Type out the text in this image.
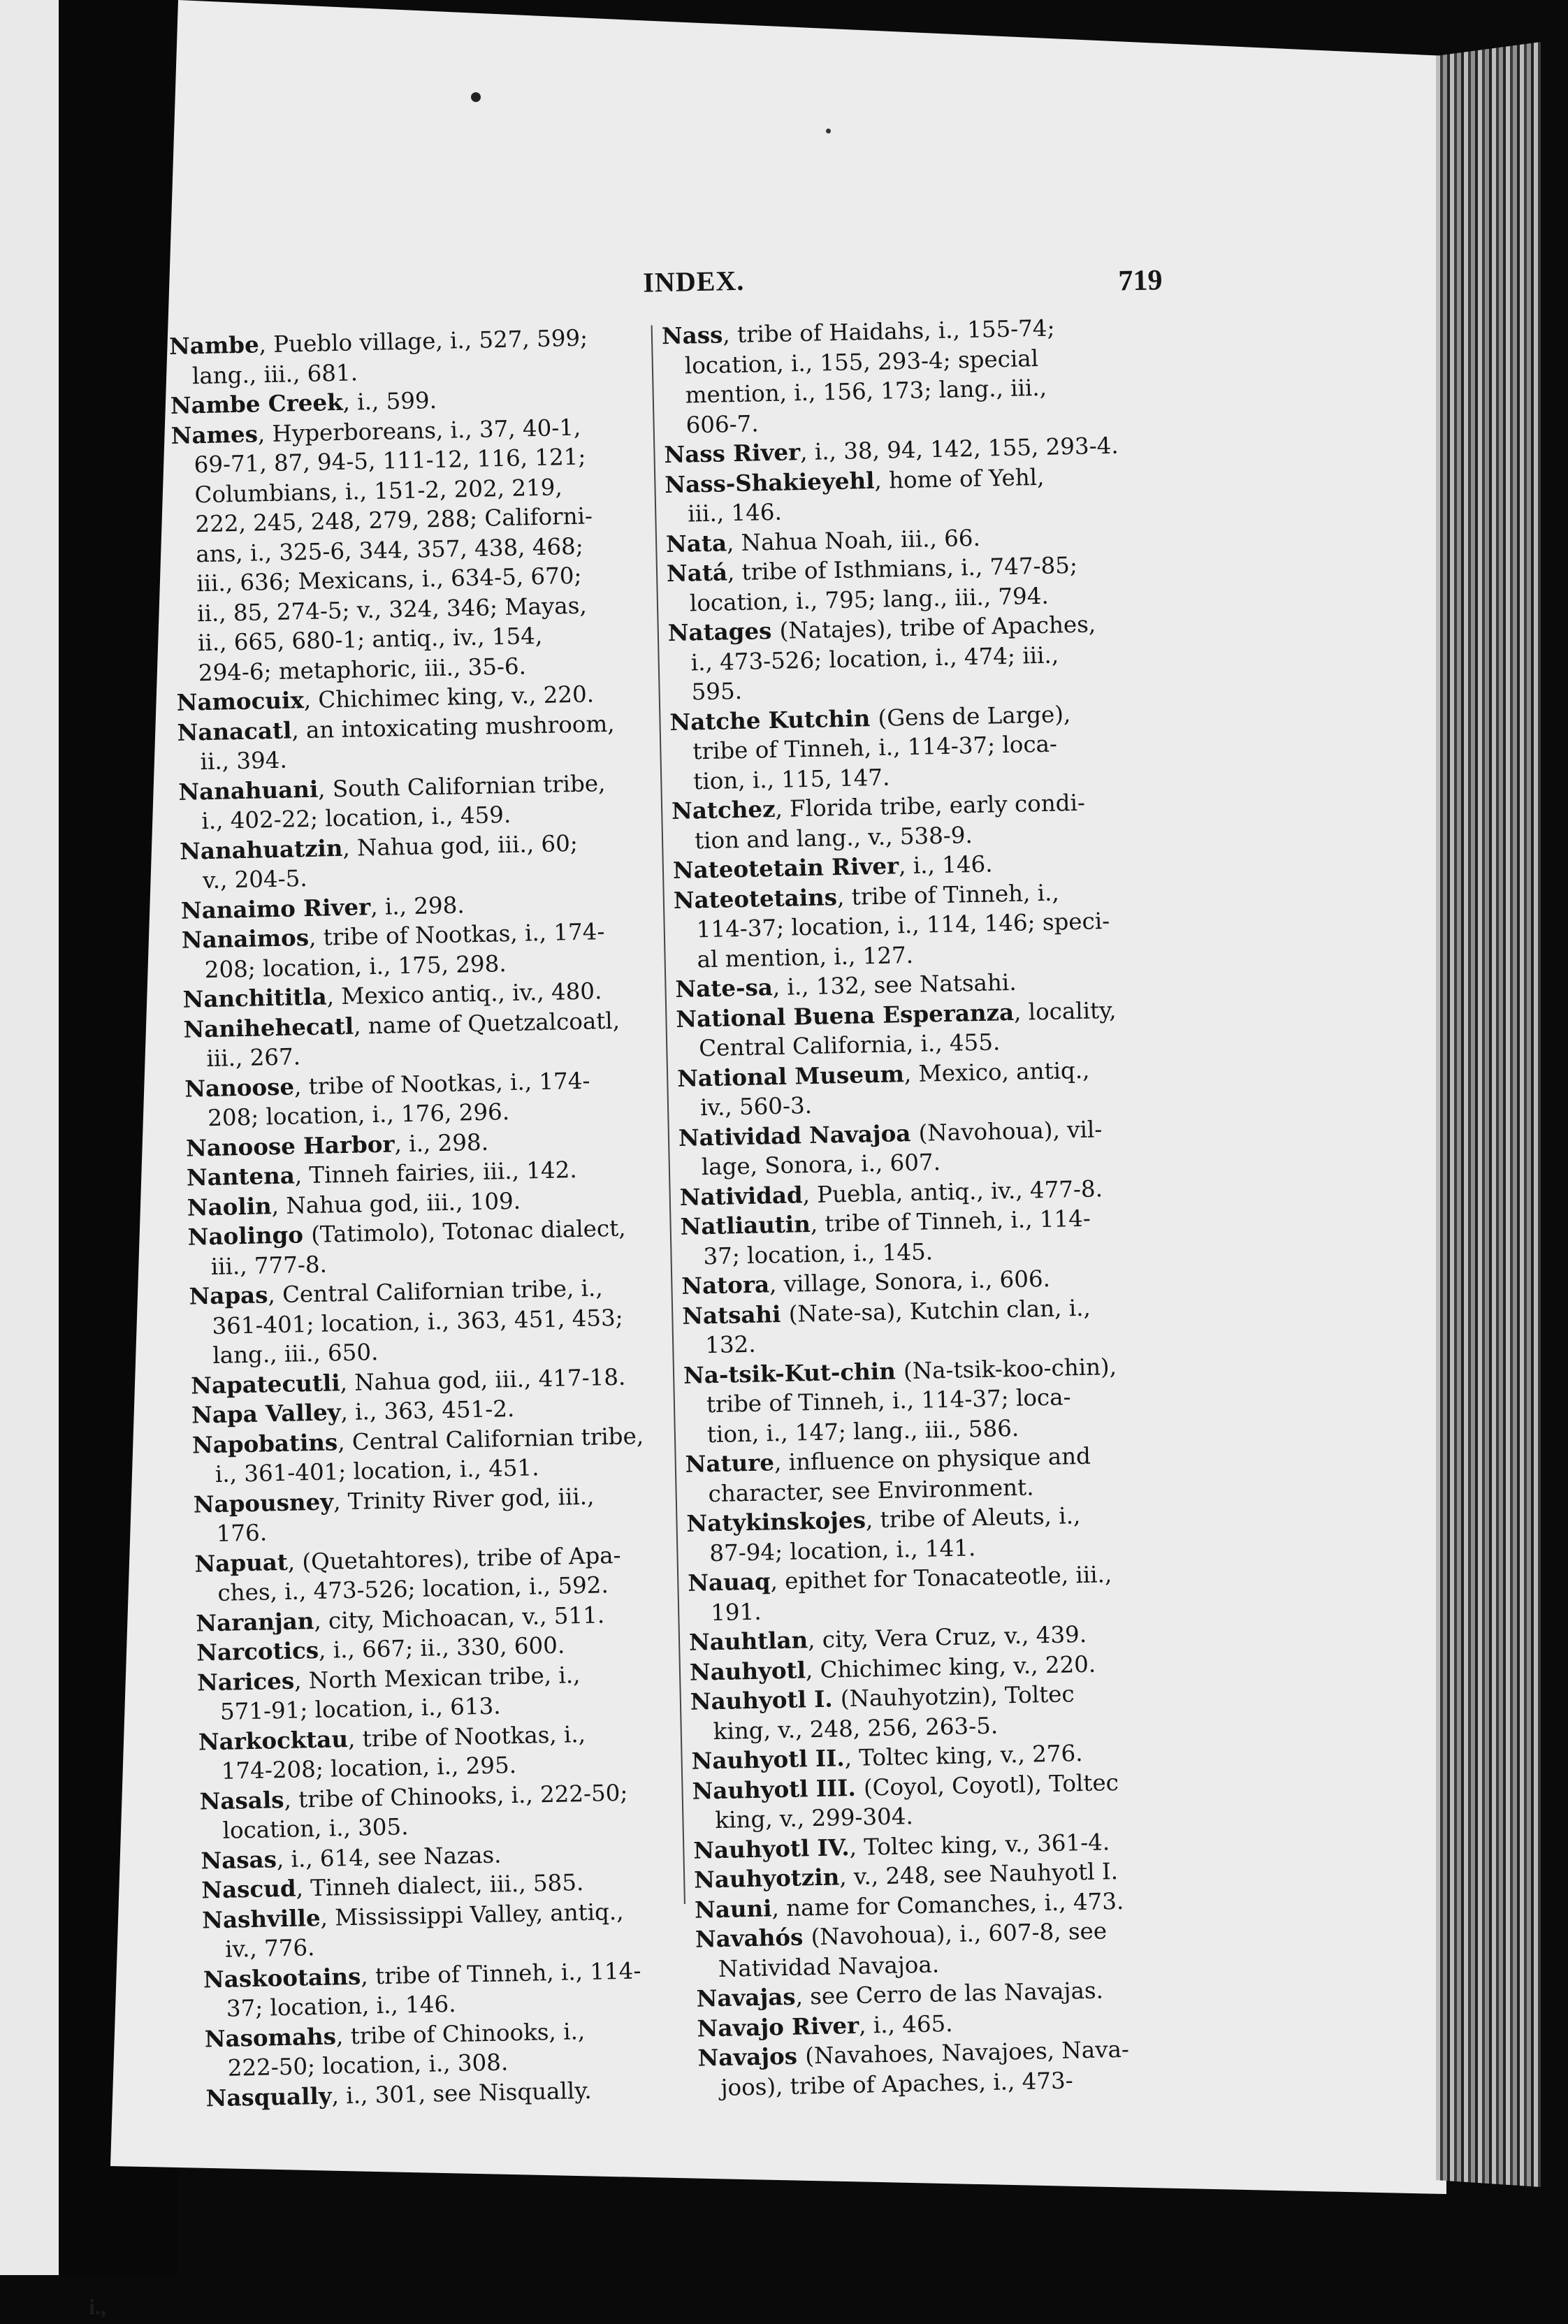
i.,
INDEX.	719
Nambe, Pueblo village, i., 527, 599;
lang., iii., 681.
Nambe Creek, i., 599.
Names, Hyperboreans, i., 37, 40-1,
69-71, 87, 94-5, 111-12, 116, 121;
Columbians, i., 151-2, 202, 219,
222, 245, 248, 279, 288; Californi-
ans, i., 325-6, 344, 357, 438, 468;
iii., 636; Mexicans, i., 634-5, 670;
ii., 85, 274-5; v., 324, 346; Mayas,
ii., 665, 680-1; antiq., iv., 154,
294-6; metaphoric, iii., 35-6.
Namocuix, Chichimec king, v., 220.
Nanacatl, an intoxicating mushroom,
ii., 394.
Nanahuani, South Californian tribe,
i., 402-22; location, i., 459.
Nanahuatzin, Nahua god, iii., 60;
v., 204-5.
Nanaimo River, i., 298.
Nanaimos, tribe of Nootkas, i., 174-
208; location, i., 175, 298.
Nanchititla, Mexico antiq., iv., 480.
Nanihehecatl, name of Quetzalcoatl,
iii., 267.
Nanoose, tribe of Nootkas, i., 174-
208; location, i., 176, 296.
Nanoose Harbor, i., 298.
Nantena, Tinneh fairies, iii., 142.
Naolin, Nahua god, iii., 109.
Naolingo (Tatimolo), Totonac dialect,
iii., 777-8.
Napas, Central Californian tribe, i.,
361-401; location, i., 363, 451, 453;
lang., iii., 650.
Napatecutli, Nahua god, iii., 417-18.
Napa Valley, i., 363, 451-2.
Napobatins, Central Californian tribe,
i., 361-401; location, i., 451.
Napousney, Trinity River god, iii.,
176.
Napuat, (Quetahtores), tribe of Apa-
ches, i., 473-526; location, i., 592.
Naranjan, city, Michoacan, v., 511.
Narcotics, i., 667; ii., 330, 600.
Narices, North Mexican tribe, i.,
571-91; location, i., 613.
Narkocktau, tribe of Nootkas, i.,
174-208; location, i., 295.
Nasals, tribe of Chinooks, i., 222-50;
location, i., 305.
Nasas, i., 614, see Nazas.
Nascud, Tinneh dialect, iii., 585.
Nashville, Mississippi Valley, antiq.,
iv., 776.
Naskootains, tribe of Tinneh, i., 114-
37; location, i., 146.
Nasomahs, tribe of Chinooks, i.,
222-50; location, i., 308.
Nasqually, i., 301, see Nisqually.
Nass, tribe of Haidahs, i., 155-74;
location, i., 155, 293-4; special
mention, i., 156, 173; lang., iii.,
606-7.
Nass River, i., 38, 94, 142, 155, 293-4.
Nass-Shakieyehl, home of Yehl,
iii., 146.
Nata, Nahua Noah, iii., 66.
Natá, tribe of Isthmians, i., 747-85;
location, i., 795; lang., iii., 794.
Natages (Natajes), tribe of Apaches,
i., 473-526; location, i., 474; iii.,
595.
Natche Kutchin (Gens de Large),
tribe of Tinneh, i., 114-37; loca-
tion, i., 115, 147.
Natchez, Florida tribe, early condi-
tion and lang., v., 538-9.
Nateotetain River, i., 146.
Nateotetains, tribe of Tinneh, i.,
114-37; location, i., 114, 146; speci-
al mention, i., 127.
Nate-sa, i., 132, see Natsahi.
National Buena Esperanza, locality,
Central California, i., 455.
National Museum, Mexico, antiq.,
iv., 560-3.
Natividad Navajoa (Navohoua), vil-
lage, Sonora, i., 607.
Natividad, Puebla, antiq., iv., 477-8.
Natliautin, tribe of Tinneh, i., 114-
37; location, i., 145.
Natora, village, Sonora, i., 606.
Natsahi (Nate-sa), Kutchin clan, i.,
132.
Na-tsik-Kut-chin (Na-tsik-koo-chin),
tribe of Tinneh, i., 114-37; loca-
tion, i., 147; lang., iii., 586.
Nature, influence on physique and
character, see Environment.
Natykinskojes, tribe of Aleuts, i.,
87-94; location, i., 141.
Nauaq, epithet for Tonacateotle, iii.,
191.
Nauhtlan, city, Vera Cruz, v., 439.
Nauhyotl, Chichimec king, v., 220.
Nauhyotl I. (Nauhyotzin), Toltec
king, v., 248, 256, 263-5.
Nauhyotl II., Toltec king, v., 276.
Nauhyotl III. (Coyol, Coyotl), Toltec
king, v., 299-304.
Nauhyotl IV., Toltec king, v., 361-4.
Nauhyotzin, v., 248, see Nauhyotl I.
Nauni, name for Comanches, i., 473.
Navahós (Navohoua), i., 607-8, see
Natividad Navajoa.
Navajas, see Cerro de las Navajas.
Navajo River, i., 465.
Navajos (Navahoes, Navajoes, Nava-
joos), tribe of Apaches, i., 473-
